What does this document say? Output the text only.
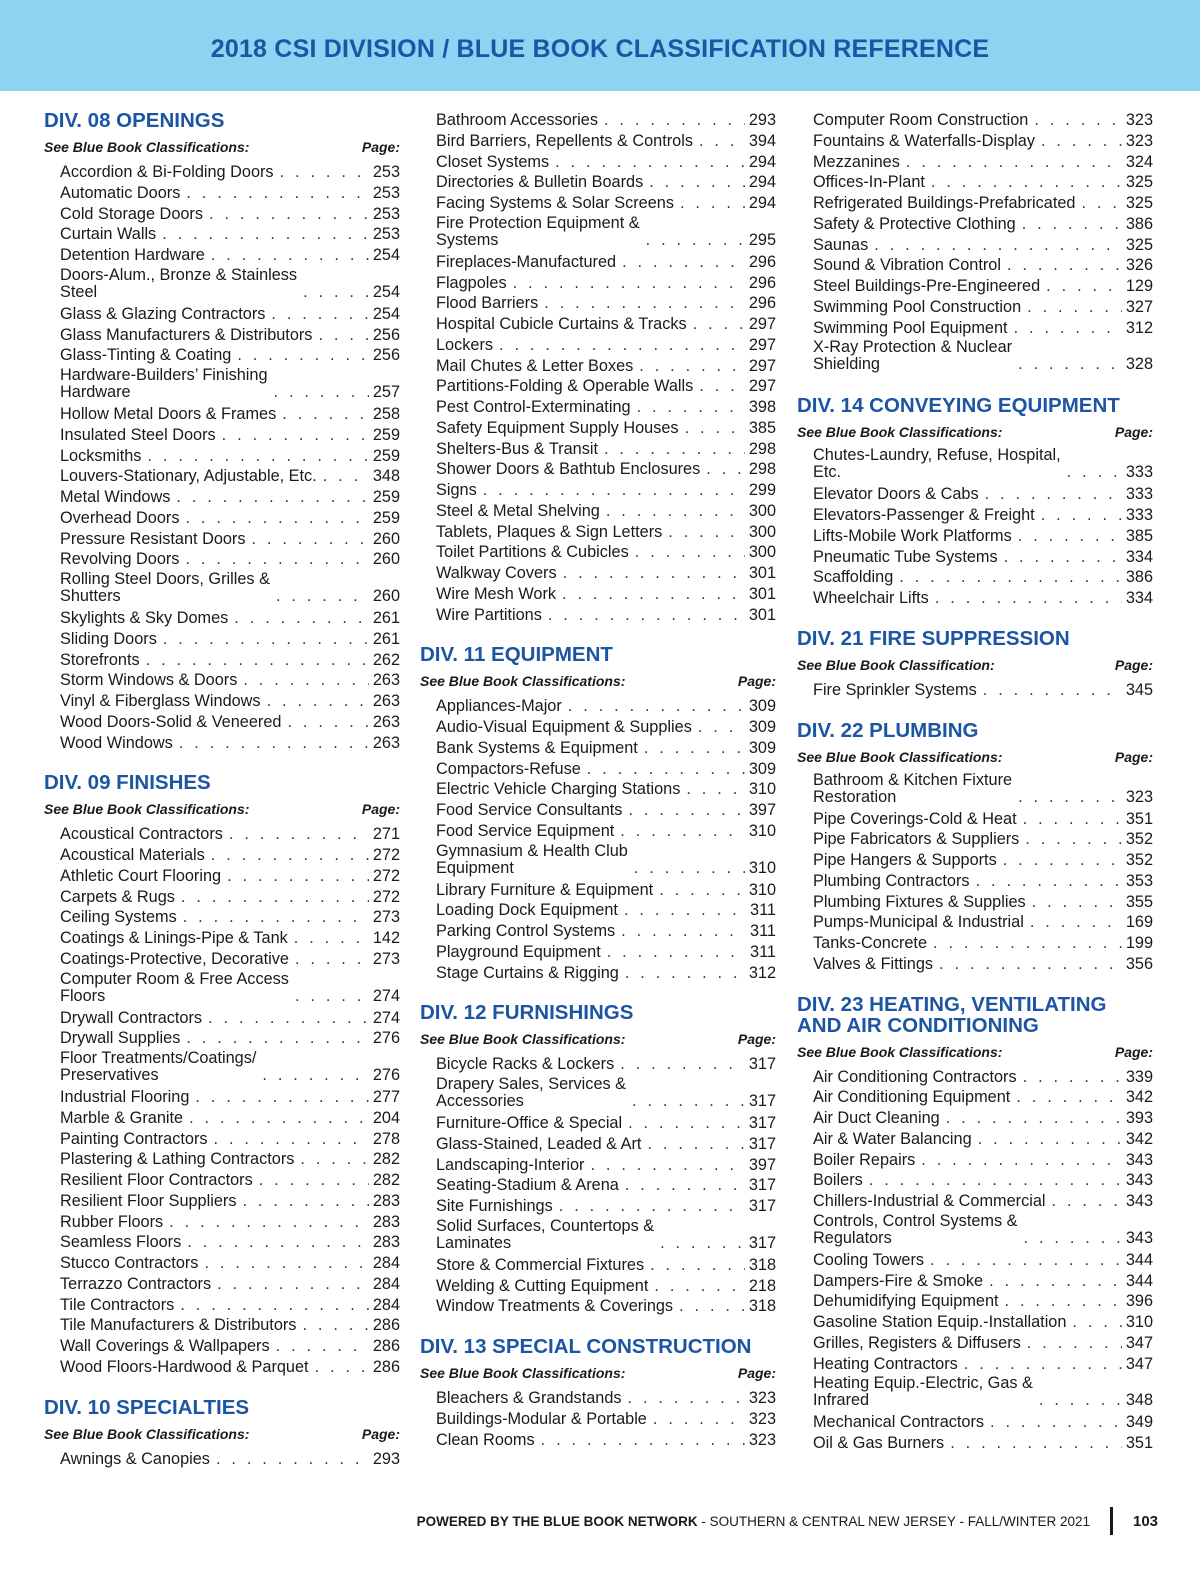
2018 CSI DIVISION / BLUE BOOK CLASSIFICATION REFERENCE
DIV. 08 OPENINGS
See Blue Book Classifications:	Page:
Accordion & Bi-Folding Doors . . .	253
Automatic Doors . . .	253
Cold Storage Doors . . .	253
Curtain Walls . . .	253
Detention Hardware . . .	254
Doors-Alum., Bronze & Stainless
Steel . . .	254
Glass & Glazing Contractors . . .	254
Glass Manufacturers & Distributors . . .	256
Glass-Tinting & Coating . . .	256
Hardware-Builders’ Finishing
Hardware . . .	257
Hollow Metal Doors & Frames . . .	258
Insulated Steel Doors . . .	259
Locksmiths . . .	259
Louvers-Stationary, Adjustable, Etc. . . .	348
Metal Windows . . .	259
Overhead Doors . . .	259
Pressure Resistant Doors . . .	260
Revolving Doors . . .	260
Rolling Steel Doors, Grilles &
Shutters . . .	260
Skylights & Sky Domes . . .	261
Sliding Doors . . .	261
Storefronts . . .	262
Storm Windows & Doors . . .	263
Vinyl & Fiberglass Windows . . .	263
Wood Doors-Solid & Veneered . . .	263
Wood Windows . . .	263
DIV. 09 FINISHES
See Blue Book Classifications:	Page:
Acoustical Contractors . . .	271
Acoustical Materials . . .	272
Athletic Court Flooring . . .	272
Carpets & Rugs . . .	272
Ceiling Systems . . .	273
Coatings & Linings-Pipe & Tank . . .	142
Coatings-Protective, Decorative . . .	273
Computer Room & Free Access
Floors . . .	274
Drywall Contractors . . .	274
Drywall Supplies . . .	276
Floor Treatments/Coatings/
Preservatives . . .	276
Industrial Flooring . . .	277
Marble & Granite . . .	204
Painting Contractors . . .	278
Plastering & Lathing Contractors . . .	282
Resilient Floor Contractors . . .	282
Resilient Floor Suppliers . . .	283
Rubber Floors . . .	283
Seamless Floors . . .	283
Stucco Contractors . . .	284
Terrazzo Contractors . . .	284
Tile Contractors . . .	284
Tile Manufacturers & Distributors . . .	286
Wall Coverings & Wallpapers . . .	286
Wood Floors-Hardwood & Parquet . . .	286
DIV. 10 SPECIALTIES
See Blue Book Classifications:	Page:
Awnings & Canopies . . .	293
Bathroom Accessories . . .	293
Bird Barriers, Repellents & Controls . . .	394
Closet Systems . . .	294
Directories & Bulletin Boards . . .	294
Facing Systems & Solar Screens . . .	294
Fire Protection Equipment &
Systems . . .	295
Fireplaces-Manufactured . . .	296
Flagpoles . . .	296
Flood Barriers . . .	296
Hospital Cubicle Curtains & Tracks . . .	297
Lockers . . .	297
Mail Chutes & Letter Boxes . . .	297
Partitions-Folding & Operable Walls . . .	297
Pest Control-Exterminating . . .	398
Safety Equipment Supply Houses . . .	385
Shelters-Bus & Transit . . .	298
Shower Doors & Bathtub Enclosures . . .	298
Signs . . .	299
Steel & Metal Shelving . . .	300
Tablets, Plaques & Sign Letters . . .	300
Toilet Partitions & Cubicles . . .	300
Walkway Covers . . .	301
Wire Mesh Work . . .	301
Wire Partitions . . .	301
DIV. 11 EQUIPMENT
See Blue Book Classifications:	Page:
Appliances-Major . . .	309
Audio-Visual Equipment & Supplies . . .	309
Bank Systems & Equipment . . .	309
Compactors-Refuse . . .	309
Electric Vehicle Charging Stations . . .	310
Food Service Consultants . . .	397
Food Service Equipment . . .	310
Gymnasium & Health Club
Equipment . . .	310
Library Furniture & Equipment . . .	310
Loading Dock Equipment . . .	311
Parking Control Systems . . .	311
Playground Equipment . . .	311
Stage Curtains & Rigging . . .	312
DIV. 12 FURNISHINGS
See Blue Book Classifications:	Page:
Bicycle Racks & Lockers . . .	317
Drapery Sales, Services &
Accessories . . .	317
Furniture-Office & Special . . .	317
Glass-Stained, Leaded & Art . . .	317
Landscaping-Interior . . .	397
Seating-Stadium & Arena . . .	317
Site Furnishings . . .	317
Solid Surfaces, Countertops &
Laminates . . .	317
Store & Commercial Fixtures . . .	318
Welding & Cutting Equipment . . .	218
Window Treatments & Coverings . . .	318
DIV. 13 SPECIAL CONSTRUCTION
See Blue Book Classifications:	Page:
Bleachers & Grandstands . . .	323
Buildings-Modular & Portable . . .	323
Clean Rooms . . .	323
Computer Room Construction . . .	323
Fountains & Waterfalls-Display . . .	323
Mezzanines . . .	324
Offices-In-Plant . . .	325
Refrigerated Buildings-Prefabricated . . .	325
Safety & Protective Clothing . . .	386
Saunas . . .	325
Sound & Vibration Control . . .	326
Steel Buildings-Pre-Engineered . . .	129
Swimming Pool Construction . . .	327
Swimming Pool Equipment . . .	312
X-Ray Protection & Nuclear
Shielding . . .	328
DIV. 14 CONVEYING EQUIPMENT
See Blue Book Classifications:	Page:
Chutes-Laundry, Refuse, Hospital,
Etc. . . .	333
Elevator Doors & Cabs . . .	333
Elevators-Passenger & Freight . . .	333
Lifts-Mobile Work Platforms . . .	385
Pneumatic Tube Systems . . .	334
Scaffolding . . .	386
Wheelchair Lifts . . .	334
DIV. 21 FIRE SUPPRESSION
See Blue Book Classification:	Page:
Fire Sprinkler Systems . . .	345
DIV. 22 PLUMBING
See Blue Book Classifications:	Page:
Bathroom & Kitchen Fixture
Restoration . . .	323
Pipe Coverings-Cold & Heat . . .	351
Pipe Fabricators & Suppliers . . .	352
Pipe Hangers & Supports . . .	352
Plumbing Contractors . . .	353
Plumbing Fixtures & Supplies . . .	355
Pumps-Municipal & Industrial . . .	169
Tanks-Concrete . . .	199
Valves & Fittings . . .	356
DIV. 23 HEATING, VENTILATING
AND AIR CONDITIONING
See Blue Book Classifications:	Page:
Air Conditioning Contractors . . .	339
Air Conditioning Equipment . . .	342
Air Duct Cleaning . . .	393
Air & Water Balancing . . .	342
Boiler Repairs . . .	343
Boilers . . .	343
Chillers-Industrial & Commercial . . .	343
Controls, Control Systems &
Regulators . . .	343
Cooling Towers . . .	344
Dampers-Fire & Smoke . . .	344
Dehumidifying Equipment . . .	396
Gasoline Station Equip.-Installation . . .	310
Grilles, Registers & Diffusers . . .	347
Heating Contractors . . .	347
Heating Equip.-Electric, Gas &
Infrared . . .	348
Mechanical Contractors . . .	349
Oil & Gas Burners . . .	351
POWERED BY THE BLUE BOOK NETWORK - SOUTHERN & CENTRAL NEW JERSEY - FALL/WINTER 2021	103
